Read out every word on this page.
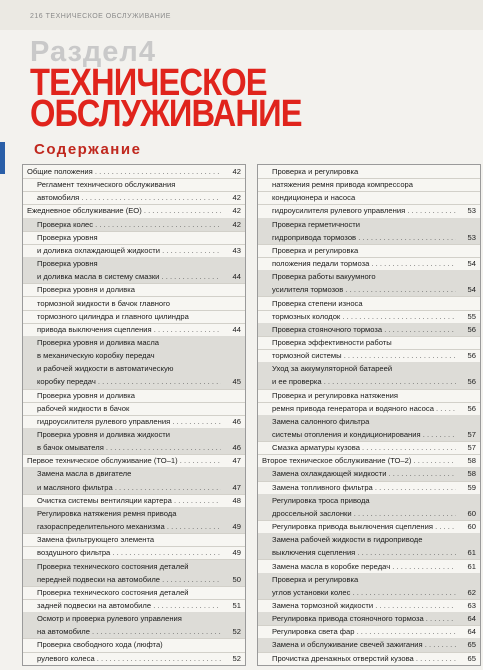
216 ТЕХНИЧЕСКОЕ ОБСЛУЖИВАНИЕ
Раздел4
ТЕХНИЧЕСКОЕ
ОБСЛУЖИВАНИЕ
Содержание
Общие положения . . .	42
Регламент технического обслуживания
автомобиля . . .	42
Ежедневное обслуживание (ЕО) . . .	42
Проверка колес . . .	42
Проверка уровня
и доливка охлаждающей жидкости . . .	43
Проверка уровня
и доливка масла в систему смазки . . .	44
Проверка уровня и доливка
тормозной жидкости в бачок главного
тормозного цилиндра и главного цилиндра
привода выключения сцепления . . .	44
Проверка уровня и доливка масла
в механическую коробку передач
и рабочей жидкости в автоматическую
коробку передач . . .	45
Проверка уровня и доливка
рабочей жидкости в бачок
гидроусилителя рулевого управления . . .	46
Проверка уровня и доливка жидкости
в бачок омывателя . . .	46
Первое техническое обслуживание (ТО–1) . . .	47
Замена масла в двигателе
и масляного фильтра . . .	47
Очистка системы вентиляции картера . . .	48
Регулировка натяжения ремня привода
газораспределительного механизма . . .	49
Замена фильтрующего элемента
воздушного фильтра . . .	49
Проверка технического состояния деталей
передней подвески на автомобиле . . .	50
Проверка технического состояния деталей
задней подвески на автомобиле . . .	51
Осмотр и проверка рулевого управления
на автомобиле . . .	52
Проверка свободного хода (люфта)
рулевого колеса . . .	52
Проверка и регулировка
натяжения ремня привода компрессора
кондиционера и насоса
гидроусилителя рулевого управления . . .	53
Проверка герметичности
гидропривода тормозов . . .	53
Проверка и регулировка
положения педали тормоза . . .	54
Проверка работы вакуумного
усилителя тормозов . . .	54
Проверка степени износа
тормозных колодок . . .	55
Проверка стояночного тормоза . . .	56
Проверка эффективности работы
тормозной системы . . .	56
Уход за аккумуляторной батареей
и ее проверка . . .	56
Проверка и регулировка натяжения
ремня привода генератора и водяного насоса . . .	56
Замена салонного фильтра
системы отопления и кондиционирования . . .	57
Смазка арматуры кузова . . .	57
Второе техническое обслуживание (ТО–2) . . .	58
Замена охлаждающей жидкости . . .	58
Замена топливного фильтра . . .	59
Регулировка троса привода
дроссельной заслонки . . .	60
Регулировка привода выключения сцепления . . .	60
Замена рабочей жидкости в гидроприводе
выключения сцепления . . .	61
Замена масла в коробке передач . . .	61
Проверка и регулировка
углов установки колес . . .	62
Замена тормозной жидкости . . .	63
Регулировка привода стояночного тормоза . . .	64
Регулировка света фар . . .	64
Замена и обслуживание свечей зажигания . . .	65
Прочистка дренажных отверстий кузова . . .	65
